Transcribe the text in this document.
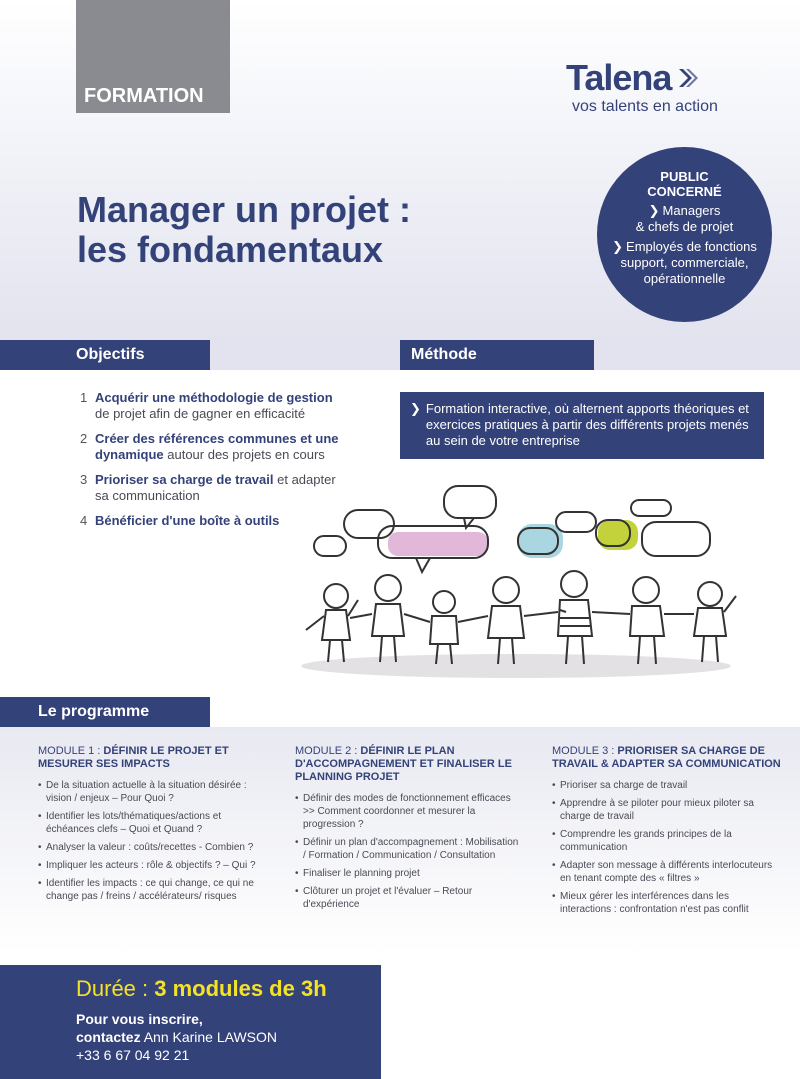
FORMATION	Talena
vos talents en action
Manager un projet :
les fondamentaux
PUBLIC
CONCERNÉ
❯ Managers
& chefs de projet
❯ Employés de fonctions
support, commerciale,
opérationnelle
Objectifs	Méthode
1 Acquérir une méthodologie de gestion
de projet afin de gagner en efficacité
2 Créer des références communes et une dynamique autour des projets en cours
3 Prioriser sa charge de travail et adapter sa communication
4 Bénéficier d'une boîte à outils
❯ Formation interactive, où alternent apports théoriques et exercices pratiques à partir des différents projets menés au sein de votre entreprise
Le programme
MODULE 1 : DÉFINIR LE PROJET ET MESURER SES IMPACTS
• De la situation actuelle à la situation désirée : vision / enjeux – Pour Quoi ?
• Identifier les lots/thématiques/actions et échéances clefs – Quoi et Quand ?
• Analyser la valeur : coûts/recettes - Combien ?
• Impliquer les acteurs : rôle & objectifs ? – Qui ?
• Identifier les impacts : ce qui change, ce qui ne change pas / freins / accélérateurs/ risques
MODULE 2 : DÉFINIR LE PLAN D'ACCOMPAGNEMENT ET FINALISER LE PLANNING PROJET
• Définir des modes de fonctionnement efficaces >> Comment coordonner et mesurer la progression ?
• Définir un plan d'accompagnement : Mobilisation / Formation / Communication / Consultation
• Finaliser le planning projet
• Clôturer un projet et l'évaluer – Retour d'expérience
MODULE 3 : PRIORISER SA CHARGE DE TRAVAIL & ADAPTER SA COMMUNICATION
• Prioriser sa charge de travail
• Apprendre à se piloter pour mieux piloter sa charge de travail
• Comprendre les grands principes de la communication
• Adapter son message à différents interlocuteurs en tenant compte des « filtres »
• Mieux gérer les interférences dans les interactions : confrontation n'est pas conflit
Durée : 3 modules de 3h
Pour vous inscrire,
contactez Ann Karine LAWSON
+33 6 67 04 92 21
